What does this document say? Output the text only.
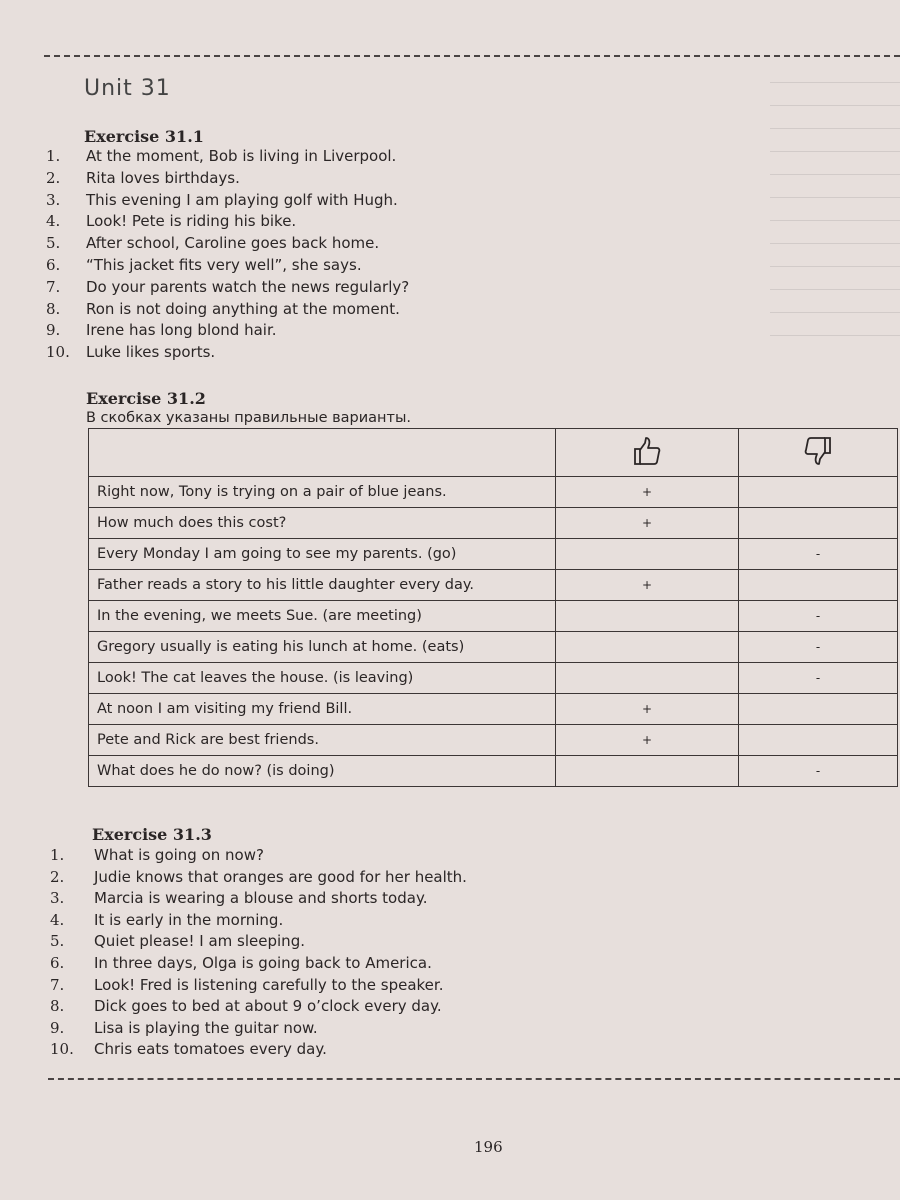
Unit 31
Exercise 31.1
1.	At the moment, Bob is living in Liverpool.
2.	Rita loves birthdays.
3.	This evening I am playing golf with Hugh.
4.	Look! Pete is riding his bike.
5.	After school, Caroline goes back home.
6.	“This jacket fits very well”, she says.
7.	Do your parents watch the news regularly?
8.	Ron is not doing anything at the moment.
9.	Irene has long blond hair.
10.	Luke likes sports.
Exercise 31.2

В скобках указаны правильные варианты.

Right now, Tony is trying on a pair of blue jeans.	+	
How much does this cost?	+	
Every Monday I am going to see my parents. (go)		-
Father reads a story to his little daughter every day.	+	
In the evening, we meets Sue. (are meeting)		-
Gregory usually is eating his lunch at home. (eats)		-
Look! The cat leaves the house. (is leaving)		-
At noon I am visiting my friend Bill.	+	
Pete and Rick are best friends.	+	
What does he do now? (is doing)		-
Exercise 31.3
1.	What is going on now?
2.	Judie knows that oranges are good for her health.
3.	Marcia is wearing a blouse and shorts today.
4.	It is early in the morning.
5.	Quiet please! I am sleeping.
6.	In three days, Olga is going back to America.
7.	Look! Fred is listening carefully to the speaker.
8.	Dick goes to bed at about 9 o’clock every day.
9.	Lisa is playing the guitar now.
10.	Chris eats tomatoes every day.
196
